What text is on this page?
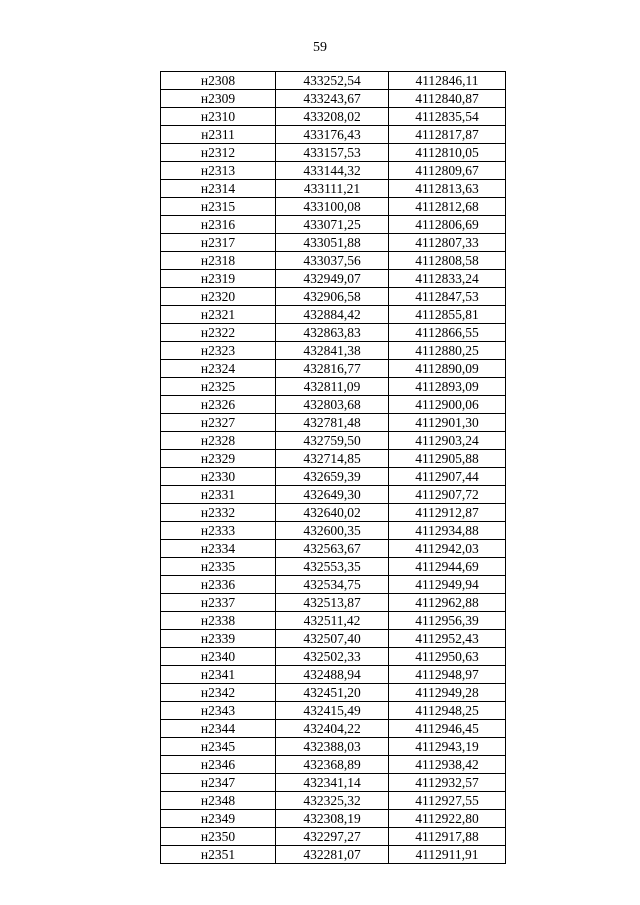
59
н2308	433252,54	4112846,11
н2309	433243,67	4112840,87
н2310	433208,02	4112835,54
н2311	433176,43	4112817,87
н2312	433157,53	4112810,05
н2313	433144,32	4112809,67
н2314	433111,21	4112813,63
н2315	433100,08	4112812,68
н2316	433071,25	4112806,69
н2317	433051,88	4112807,33
н2318	433037,56	4112808,58
н2319	432949,07	4112833,24
н2320	432906,58	4112847,53
н2321	432884,42	4112855,81
н2322	432863,83	4112866,55
н2323	432841,38	4112880,25
н2324	432816,77	4112890,09
н2325	432811,09	4112893,09
н2326	432803,68	4112900,06
н2327	432781,48	4112901,30
н2328	432759,50	4112903,24
н2329	432714,85	4112905,88
н2330	432659,39	4112907,44
н2331	432649,30	4112907,72
н2332	432640,02	4112912,87
н2333	432600,35	4112934,88
н2334	432563,67	4112942,03
н2335	432553,35	4112944,69
н2336	432534,75	4112949,94
н2337	432513,87	4112962,88
н2338	432511,42	4112956,39
н2339	432507,40	4112952,43
н2340	432502,33	4112950,63
н2341	432488,94	4112948,97
н2342	432451,20	4112949,28
н2343	432415,49	4112948,25
н2344	432404,22	4112946,45
н2345	432388,03	4112943,19
н2346	432368,89	4112938,42
н2347	432341,14	4112932,57
н2348	432325,32	4112927,55
н2349	432308,19	4112922,80
н2350	432297,27	4112917,88
н2351	432281,07	4112911,91
